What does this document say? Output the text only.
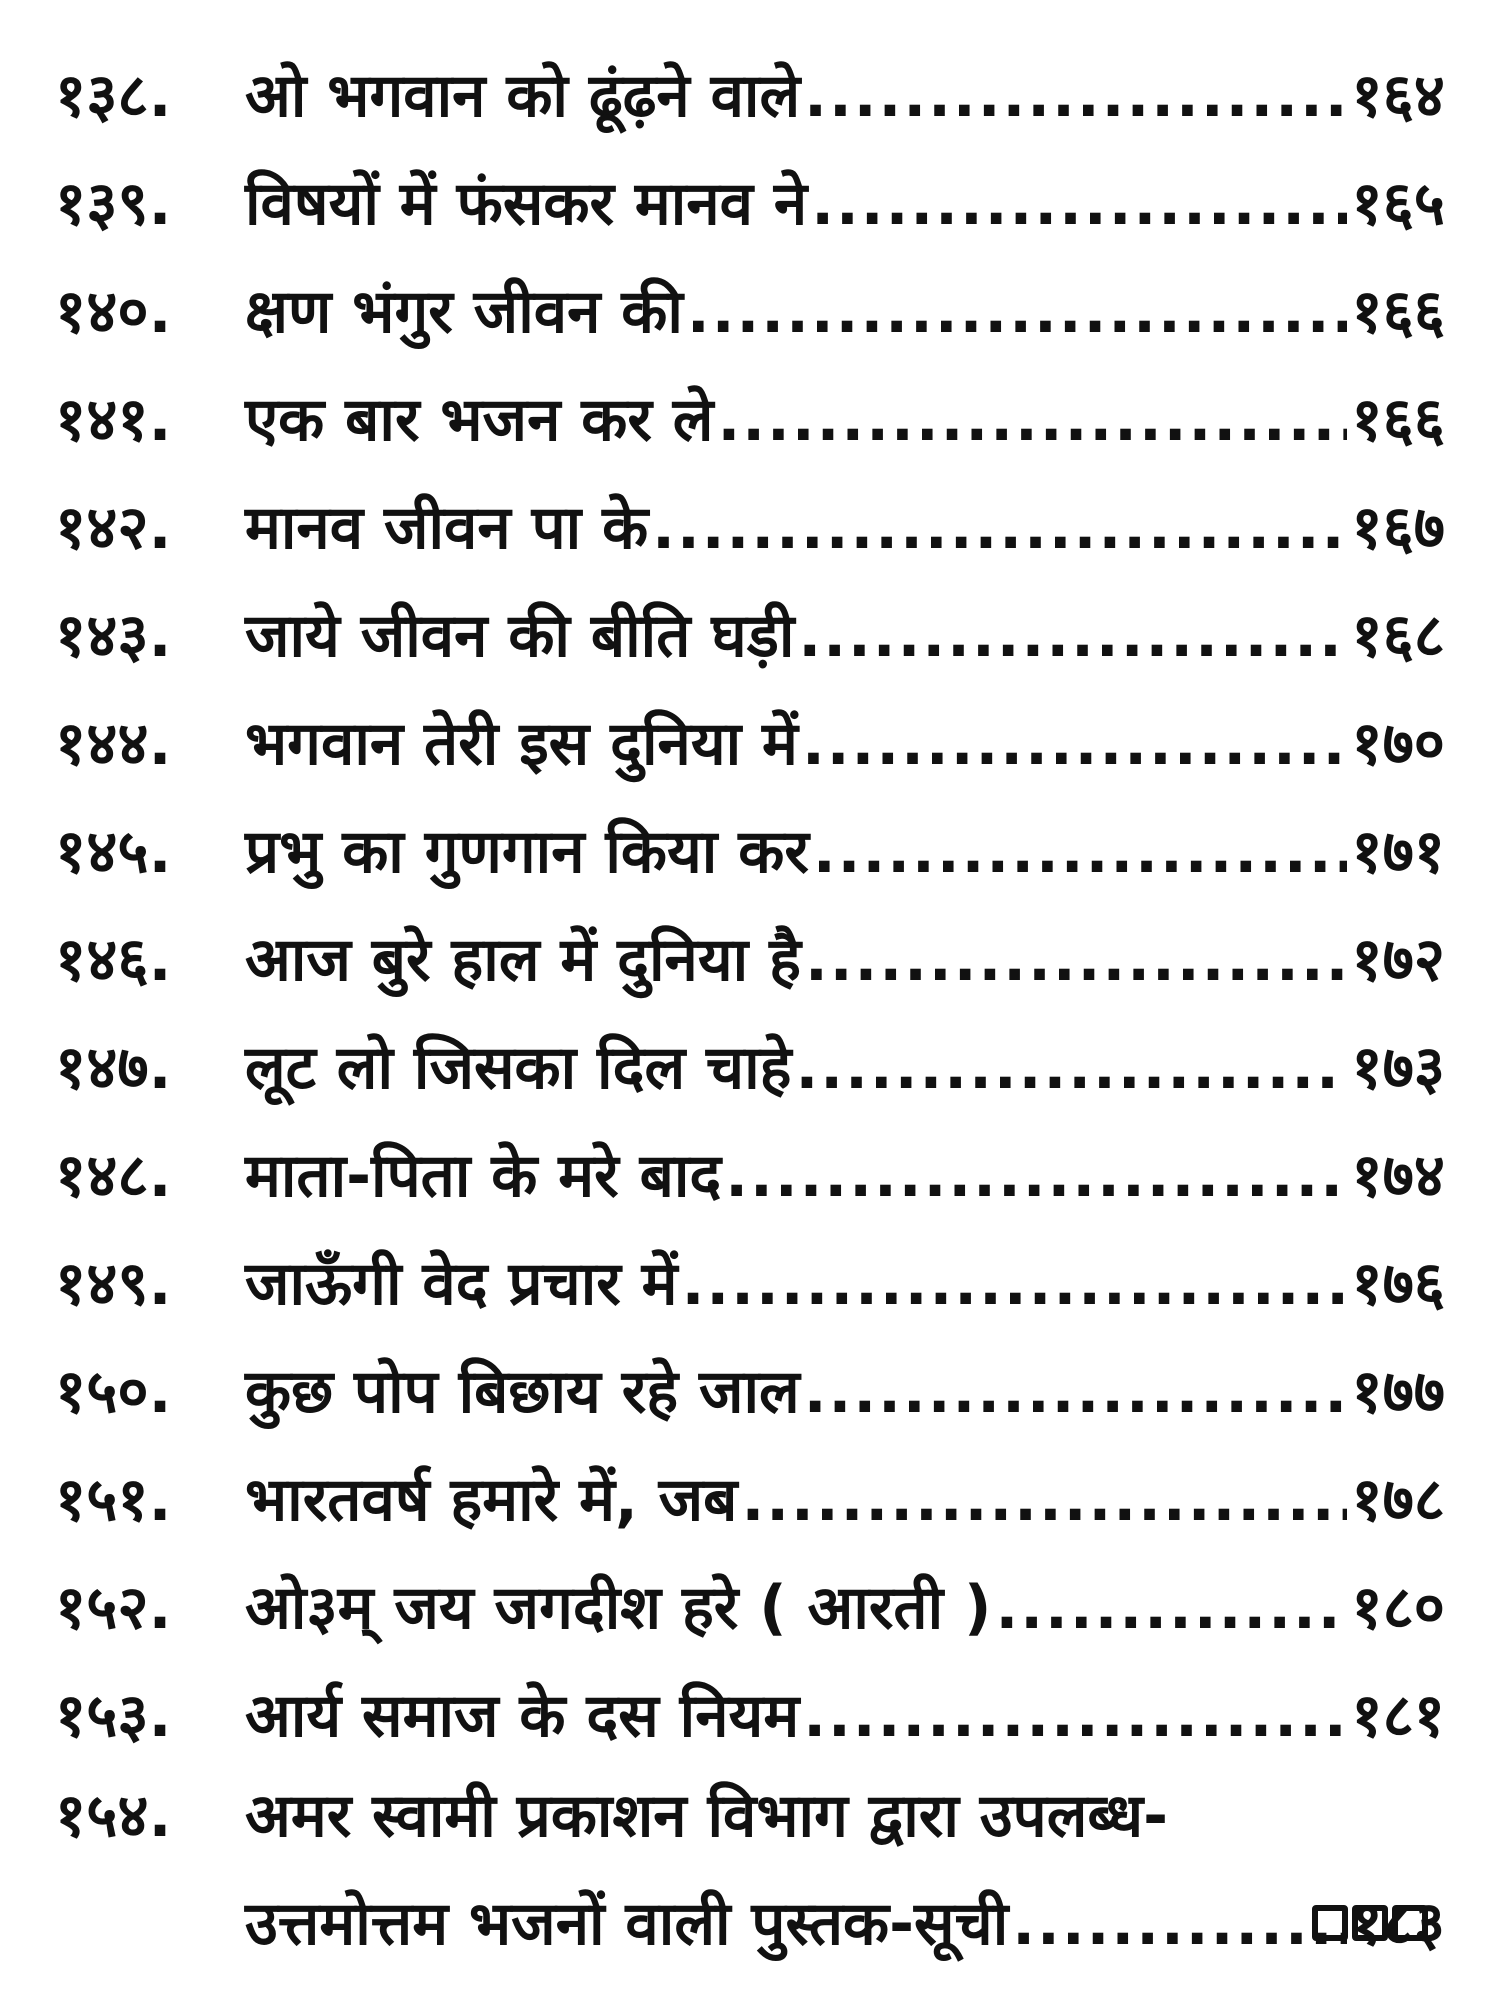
१३८.	ओ भगवान को ढूंढ़ने वाले .....	१६४
१३९.	विषयों में फंसकर मानव ने .....	१६५
१४०.	क्षण भंगुर जीवन की .....	१६६
१४१.	एक बार भजन कर ले .....	१६६
१४२.	मानव जीवन पा के .....	१६७
१४३.	जाये जीवन की बीति घड़ी .....	१६८
१४४.	भगवान तेरी इस दुनिया में .....	१७०
१४५.	प्रभु का गुणगान किया कर .....	१७१
१४६.	आज बुरे हाल में दुनिया है .....	१७२
१४७.	लूट लो जिसका दिल चाहे .....	१७३
१४८.	माता-पिता के मरे बाद .....	१७४
१४९.	जाऊँगी वेद प्रचार में .....	१७६
१५०.	कुछ पोप बिछाय रहे जाल .....	१७७
१५१.	भारतवर्ष हमारे में, जब .....	१७८
१५२.	ओ३म् जय जगदीश हरे ( आरती ) .....	१८०
१५३.	आर्य समाज के दस नियम .....	१८१
१५४.	अमर स्वामी प्रकाशन विभाग द्वारा उपलब्ध-
उत्तमोत्तम भजनों वाली पुस्तक-सूची .....	१८३
